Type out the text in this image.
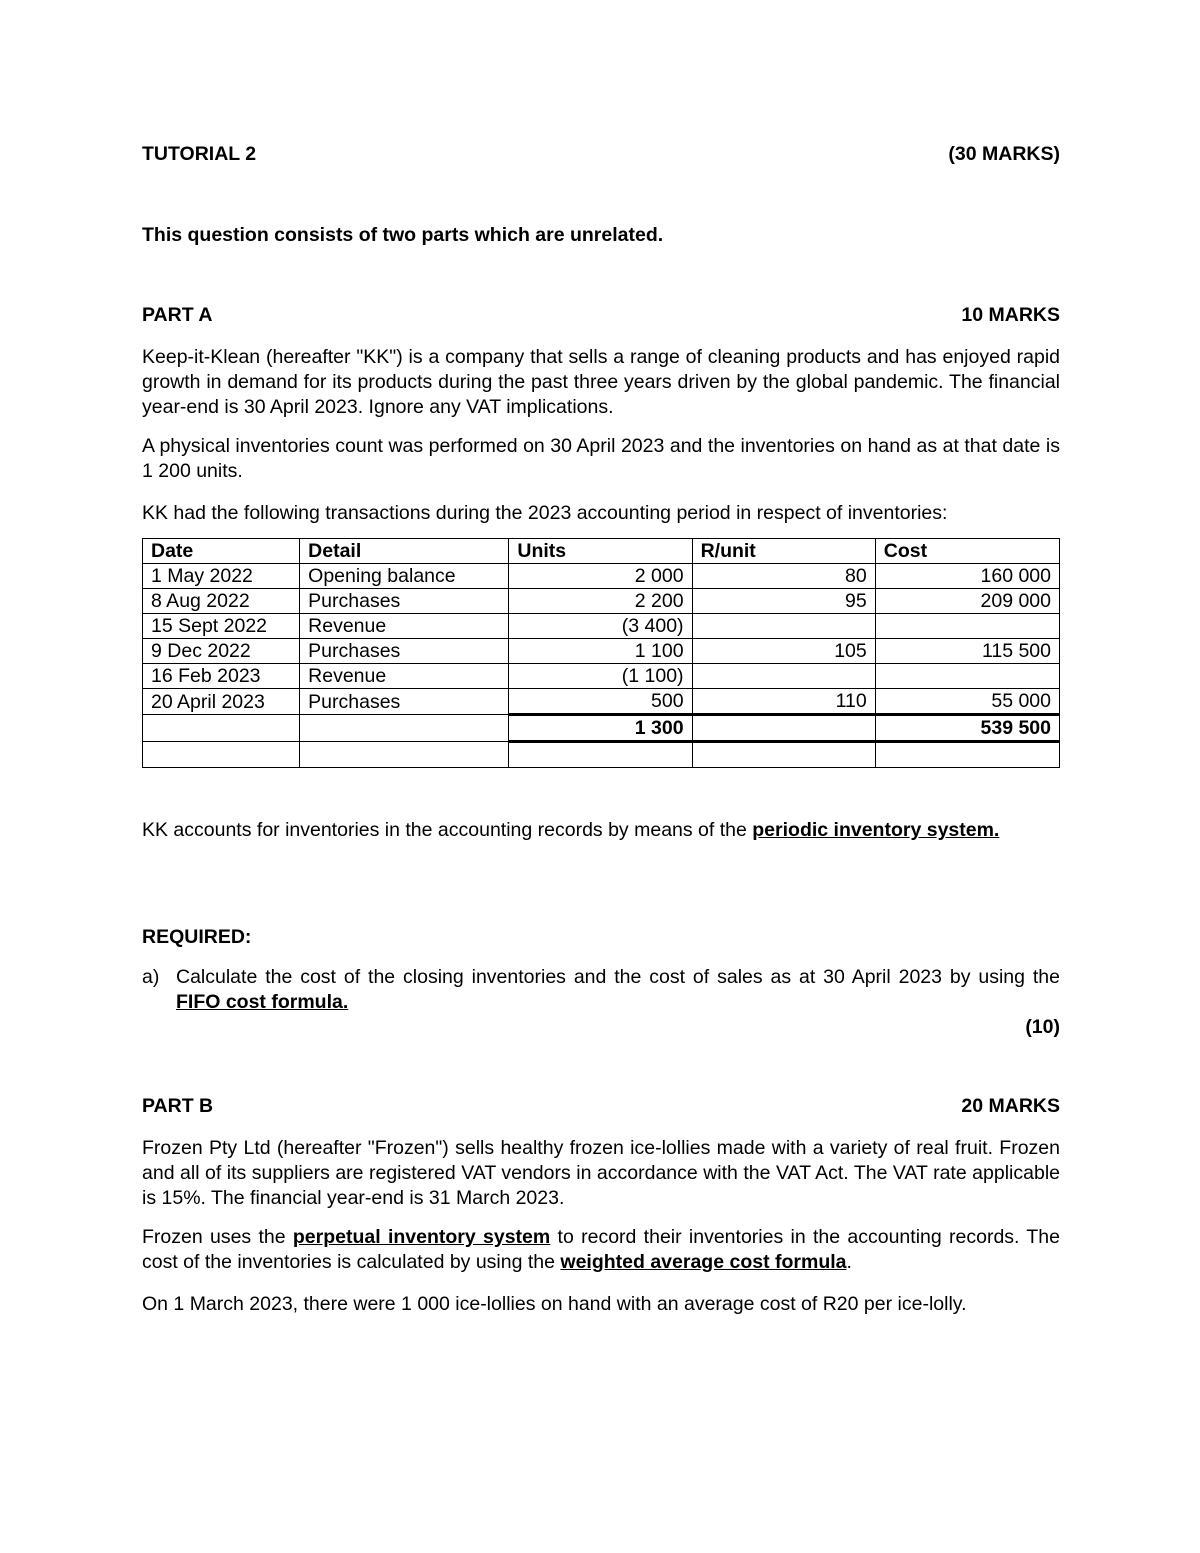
TUTORIAL 2	(30 MARKS)

This question consists of two parts which are unrelated.

PART A	10 MARKS

Keep-it-Klean (hereafter "KK") is a company that sells a range of cleaning products and has enjoyed rapid growth in demand for its products during the past three years driven by the global pandemic. The financial year-end is 30 April 2023. Ignore any VAT implications.

A physical inventories count was performed on 30 April 2023 and the inventories on hand as at that date is 1 200 units.

KK had the following transactions during the 2023 accounting period in respect of inventories:

Date	Detail	Units	R/unit	Cost
1 May 2022	Opening balance	2 000	80	160 000
8 Aug 2022	Purchases	2 200	95	209 000
15 Sept 2022	Revenue	(3 400)		
9 Dec 2022	Purchases	1 100	105	115 500
16 Feb 2023	Revenue	(1 100)		
20 April 2023	Purchases	500	110	55 000
		1 300		539 500

KK accounts for inventories in the accounting records by means of the periodic inventory system.

REQUIRED:

a) Calculate the cost of the closing inventories and the cost of sales as at 30 April 2023 by using the FIFO cost formula.

(10)

PART B	20 MARKS

Frozen Pty Ltd (hereafter "Frozen") sells healthy frozen ice-lollies made with a variety of real fruit. Frozen and all of its suppliers are registered VAT vendors in accordance with the VAT Act. The VAT rate applicable is 15%. The financial year-end is 31 March 2023.

Frozen uses the perpetual inventory system to record their inventories in the accounting records. The cost of the inventories is calculated by using the weighted average cost formula.

On 1 March 2023, there were 1 000 ice-lollies on hand with an average cost of R20 per ice-lolly.
